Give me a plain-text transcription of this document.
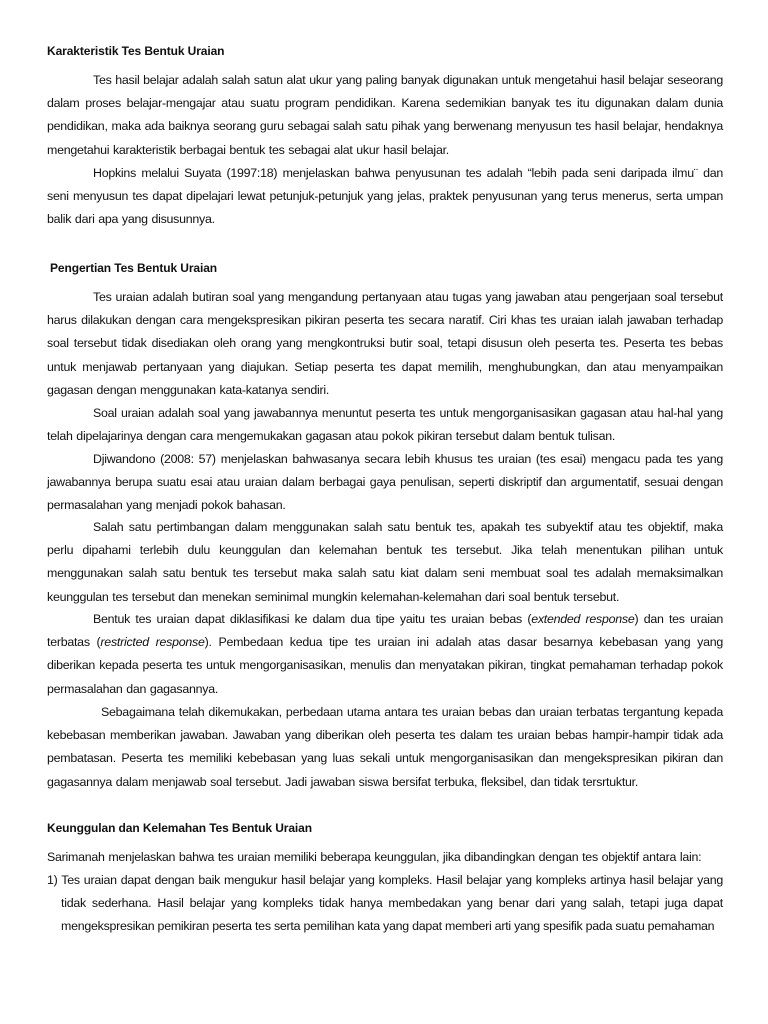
Karakteristik Tes Bentuk Uraian
Tes hasil belajar adalah salah satun alat ukur yang paling banyak digunakan untuk mengetahui hasil belajar seseorang dalam proses belajar-mengajar atau suatu program pendidikan. Karena sedemikian banyak tes itu digunakan dalam dunia pendidikan, maka ada baiknya seorang guru sebagai salah satu pihak yang berwenang menyusun tes hasil belajar, hendaknya mengetahui karakteristik berbagai bentuk tes sebagai alat ukur hasil belajar.
Hopkins melalui Suyata (1997:18) menjelaskan bahwa penyusunan tes adalah “lebih pada seni daripada ilmu¨ dan seni menyusun tes dapat dipelajari lewat petunjuk-petunjuk yang jelas, praktek penyusunan yang terus menerus, serta umpan balik dari apa yang disusunnya.
Pengertian Tes Bentuk Uraian
Tes uraian adalah butiran soal yang mengandung pertanyaan atau tugas yang jawaban atau pengerjaan soal tersebut harus dilakukan dengan cara mengekspresikan pikiran peserta tes secara naratif. Ciri khas tes uraian ialah jawaban terhadap soal tersebut tidak disediakan oleh orang yang mengkontruksi butir soal, tetapi disusun oleh peserta tes. Peserta tes bebas untuk menjawab pertanyaan yang diajukan. Setiap peserta tes dapat memilih, menghubungkan, dan atau menyampaikan gagasan dengan menggunakan kata-katanya sendiri.
Soal uraian adalah soal yang jawabannya menuntut peserta tes untuk mengorganisasikan gagasan atau hal-hal yang telah dipelajarinya dengan cara mengemukakan gagasan atau pokok pikiran tersebut dalam bentuk tulisan.
Djiwandono (2008: 57) menjelaskan bahwasanya secara lebih khusus tes uraian (tes esai) mengacu pada tes yang jawabannya berupa suatu esai atau uraian dalam berbagai gaya penulisan, seperti diskriptif dan argumentatif, sesuai dengan permasalahan yang menjadi pokok bahasan.
Salah satu pertimbangan dalam menggunakan salah satu bentuk tes, apakah tes subyektif atau tes objektif, maka perlu dipahami terlebih dulu keunggulan dan kelemahan bentuk tes tersebut. Jika telah menentukan pilihan untuk menggunakan salah satu bentuk tes tersebut maka salah satu kiat dalam seni membuat soal tes adalah memaksimalkan keunggulan tes tersebut dan menekan seminimal mungkin kelemahan-kelemahan dari soal bentuk tersebut.
Bentuk tes uraian dapat diklasifikasi ke dalam dua tipe yaitu tes uraian bebas (extended response) dan tes uraian terbatas (restricted response). Pembedaan kedua tipe tes uraian ini adalah atas dasar besarnya kebebasan yang yang diberikan kepada peserta tes untuk mengorganisasikan, menulis dan menyatakan pikiran, tingkat pemahaman terhadap pokok permasalahan dan gagasannya.
Sebagaimana telah dikemukakan, perbedaan utama antara tes uraian bebas dan uraian terbatas tergantung kepada kebebasan memberikan jawaban. Jawaban yang diberikan oleh peserta tes dalam tes uraian bebas hampir-hampir tidak ada pembatasan. Peserta tes memiliki kebebasan yang luas sekali untuk mengorganisasikan dan mengekspresikan pikiran dan gagasannya dalam menjawab soal tersebut. Jadi jawaban siswa bersifat terbuka, fleksibel, dan tidak tersrtuktur.
Keunggulan dan Kelemahan Tes Bentuk Uraian
Sarimanah menjelaskan bahwa tes uraian memiliki beberapa keunggulan, jika dibandingkan dengan tes objektif antara lain:
1) Tes uraian dapat dengan baik mengukur hasil belajar yang kompleks. Hasil belajar yang kompleks artinya hasil belajar yang tidak sederhana. Hasil belajar yang kompleks tidak hanya membedakan yang benar dari yang salah, tetapi juga dapat mengekspresikan pemikiran peserta tes serta pemilihan kata yang dapat memberi arti yang spesifik pada suatu pemahaman
